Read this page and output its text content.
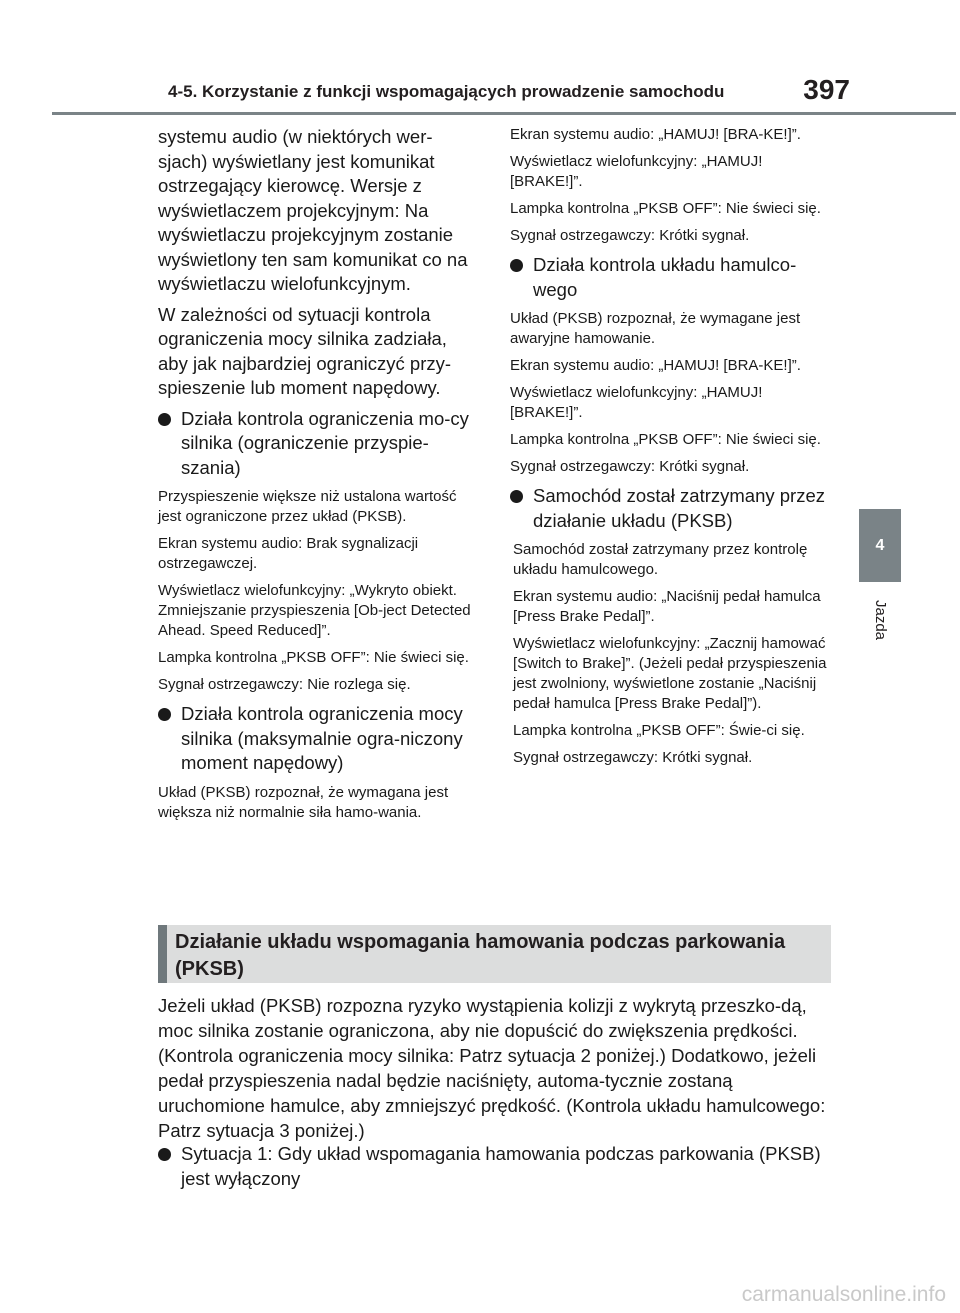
4-5. Korzystanie z funkcji wspomagających prowadzenie samochodu	397
4
Jazda

systemu audio (w niektórych wer-sjach) wyświetlany jest komunikat ostrzegający kierowcę. Wersje z wyświetlaczem projekcyjnym: Na wyświetlaczu projekcyjnym zostanie wyświetlony ten sam komunikat co na wyświetlaczu wielofunkcyjnym.

W zależności od sytuacji kontrola ograniczenia mocy silnika zadziała, aby jak najbardziej ograniczyć przy-spieszenie lub moment napędowy.

Działa kontrola ograniczenia mo-cy silnika (ograniczenie przyspie-szania)

Przyspieszenie większe niż ustalona wartość jest ograniczone przez układ (PKSB).

Ekran systemu audio: Brak sygnalizacji ostrzegawczej.

Wyświetlacz wielofunkcyjny: „Wykryto obiekt. Zmniejszanie przyspieszenia [Ob-ject Detected Ahead. Speed Reduced]”.

Lampka kontrolna „PKSB OFF”: Nie świeci się.

Sygnał ostrzegawczy: Nie rozlega się.

Działa kontrola ograniczenia mocy silnika (maksymalnie ogra-niczony moment napędowy)

Układ (PKSB) rozpoznał, że wymagana jest większa niż normalnie siła hamo-wania.

Ekran systemu audio: „HAMUJ! [BRA-KE!]”.

Wyświetlacz wielofunkcyjny: „HAMUJ! [BRAKE!]”.

Lampka kontrolna „PKSB OFF”: Nie świeci się.

Sygnał ostrzegawczy: Krótki sygnał.

Działa kontrola układu hamulco-wego

Układ (PKSB) rozpoznał, że wymagane jest awaryjne hamowanie.

Ekran systemu audio: „HAMUJ! [BRA-KE!]”.

Wyświetlacz wielofunkcyjny: „HAMUJ! [BRAKE!]”.

Lampka kontrolna „PKSB OFF”: Nie świeci się.

Sygnał ostrzegawczy: Krótki sygnał.

Samochód został zatrzymany przez działanie układu (PKSB)

Samochód został zatrzymany przez kontrolę układu hamulcowego.

Ekran systemu audio: „Naciśnij pedał hamulca [Press Brake Pedal]”.

Wyświetlacz wielofunkcyjny: „Zacznij hamować [Switch to Brake]”. (Jeżeli pedał przyspieszenia jest zwolniony, wyświetlone zostanie „Naciśnij pedał hamulca [Press Brake Pedal]”).

Lampka kontrolna „PKSB OFF”: Świe-ci się.

Sygnał ostrzegawczy: Krótki sygnał.

Działanie układu wspomagania hamowania podczas parkowania (PKSB)

Jeżeli układ (PKSB) rozpozna ryzyko wystąpienia kolizji z wykrytą przeszko-dą, moc silnika zostanie ograniczona, aby nie dopuścić do zwiększenia prędkości. (Kontrola ograniczenia mocy silnika: Patrz sytuacja 2 poniżej.) Dodatkowo, jeżeli pedał przyspieszenia nadal będzie naciśnięty, automa-tycznie zostaną uruchomione hamulce, aby zmniejszyć prędkość. (Kontrola układu hamulcowego: Patrz sytuacja 3 poniżej.)

Sytuacja 1: Gdy układ wspomagania hamowania podczas parkowania (PKSB) jest wyłączony
carmanualsonline.info
